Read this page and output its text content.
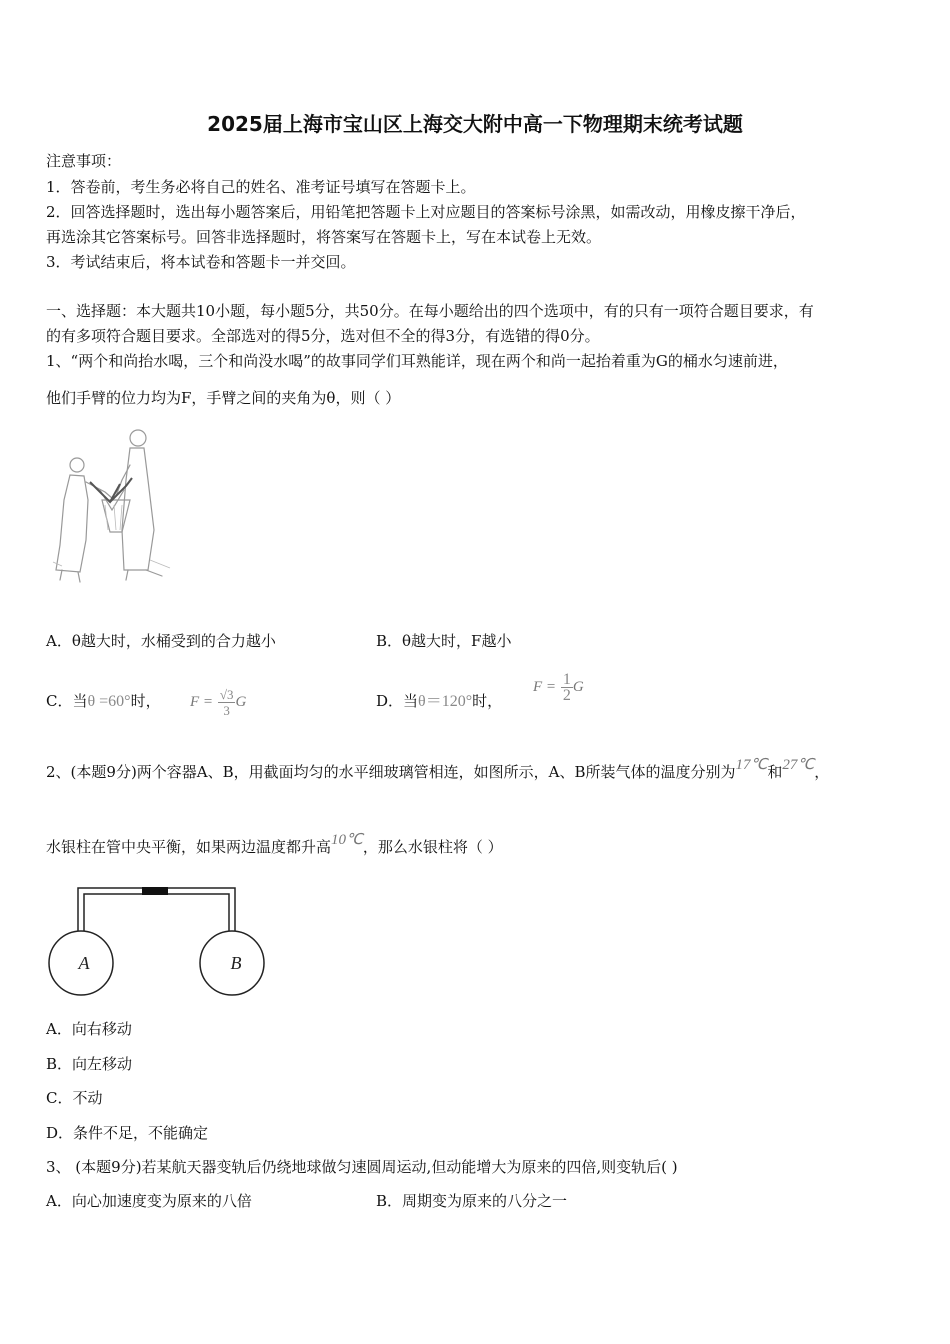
2025届上海市宝山区上海交大附中高一下物理期末统考试题
注意事项：
1．答卷前，考生务必将自己的姓名、准考证号填写在答题卡上。
2．回答选择题时，选出每小题答案后，用铅笔把答题卡上对应题目的答案标号涂黑，如需改动，用橡皮擦干净后，
再选涂其它答案标号。回答非选择题时，将答案写在答题卡上，写在本试卷上无效。
3．考试结束后，将本试卷和答题卡一并交回。
一、选择题：本大题共10小题，每小题5分，共50分。在每小题给出的四个选项中，有的只有一项符合题目要求，有
的有多项符合题目要求。全部选对的得5分，选对但不全的得3分，有选错的得0分。
1、“两个和尚抬水喝，三个和尚没水喝”的故事同学们耳熟能详，现在两个和尚一起抬着重为G的桶水匀速前进，
他们手臂的位力均为F，手臂之间的夹角为θ，则（ ）
A．θ越大时，水桶受到的合力越小	B．θ越大时，F越小
C．当θ =60°时， $F = \frac{√3}{3}$ G	D．当θ＝120°时，
$F = \frac{1}{2}$ G
2、(本题9分)两个容器A、B，用截面均匀的水平细玻璃管相连，如图所示，A、B所装气体的温度分别为17℃和27℃，
水银柱在管中央平衡，如果两边温度都升高10℃，那么水银柱将（ ）
A	B
A．向右移动
B．向左移动
C．不动
D．条件不足，不能确定
3、 (本题9分)若某航天器变轨后仍绕地球做匀速圆周运动,但动能增大为原来的四倍,则变轨后( )
A．向心加速度变为原来的八倍	B．周期变为原来的八分之一
